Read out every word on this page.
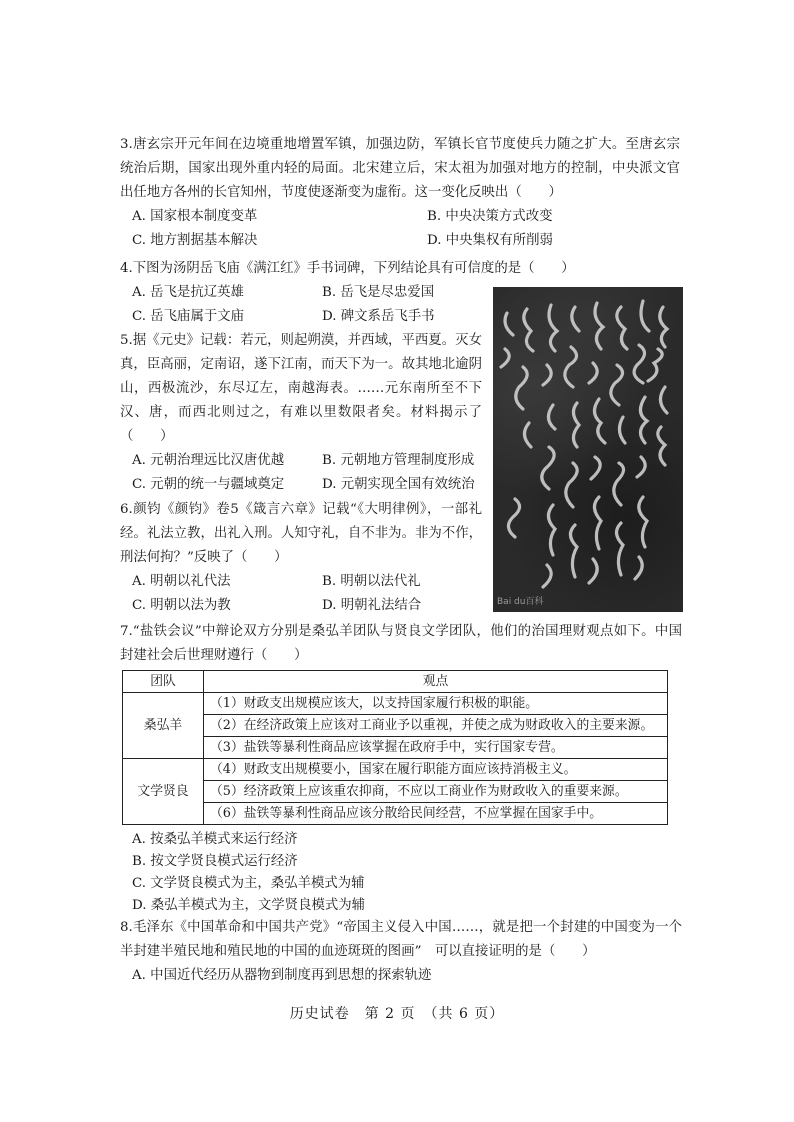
3.唐玄宗开元年间在边境重地增置军镇，加强边防，军镇长官节度使兵力随之扩大。至唐玄宗统治后期，国家出现外重内轻的局面。北宋建立后，宋太祖为加强对地方的控制，中央派文官出任地方各州的长官知州，节度使逐渐变为虚衔。这一变化反映出（　　）

A. 国家根本制度变革	B. 中央决策方式改变
C. 地方割据基本解决	D. 中央集权有所削弱

4.下图为汤阴岳飞庙《满江红》手书词碑，下列结论具有可信度的是（　　）

A. 岳飞是抗辽英雄	B. 岳飞是尽忠爱国
C. 岳飞庙属于文庙	D. 碑文系岳飞手书
Bai du百科

5.据《元史》记载：若元，则起朔漠，并西域，平西夏。灭女真，臣高丽，定南诏，遂下江南，而天下为一。故其地北逾阴山，西极流沙，东尽辽左，南越海表。……元东南所至不下汉、唐，而西北则过之，有难以里数限者矣。材料揭示了（　　）

A. 元朝治理远比汉唐优越	B. 元朝地方管理制度形成
C. 元朝的统一与疆域奠定	D. 元朝实现全国有效统治

6.颜钧《颜钧》卷5《箴言六章》记载“《大明律例》，一部礼经。礼法立教，出礼入刑。人知守礼，自不非为。非为不作，刑法何拘？”反映了（　　）

A. 明朝以礼代法	B. 明朝以法代礼
C. 明朝以法为教	D. 明朝礼法结合

7.“盐铁会议”中辩论双方分别是桑弘羊团队与贤良文学团队，他们的治国理财观点如下。中国封建社会后世理财遵行（　　）

团队	观点
桑弘羊	（1）财政支出规模应该大，以支持国家履行积极的职能。
	（2）在经济政策上应该对工商业予以重视，并使之成为财政收入的主要来源。
	（3）盐铁等暴利性商品应该掌握在政府手中，实行国家专营。
文学贤良	（4）财政支出规模要小，国家在履行职能方面应该持消极主义。
	（5）经济政策上应该重农抑商，不应以工商业作为财政收入的重要来源。
	（6）盐铁等暴利性商品应该分散给民间经营，不应掌握在国家手中。
A. 按桑弘羊模式来运行经济
B. 按文学贤良模式运行经济
C. 文学贤良模式为主，桑弘羊模式为辅
D. 桑弘羊模式为主，文学贤良模式为辅

8.毛泽东《中国革命和中国共产党》“帝国主义侵入中国……，就是把一个封建的中国变为一个半封建半殖民地和殖民地的中国的血迹斑斑的图画”　可以直接证明的是（　　）

A. 中国近代经历从器物到制度再到思想的探索轨迹
历史试卷　第 2 页　（共 6 页）
